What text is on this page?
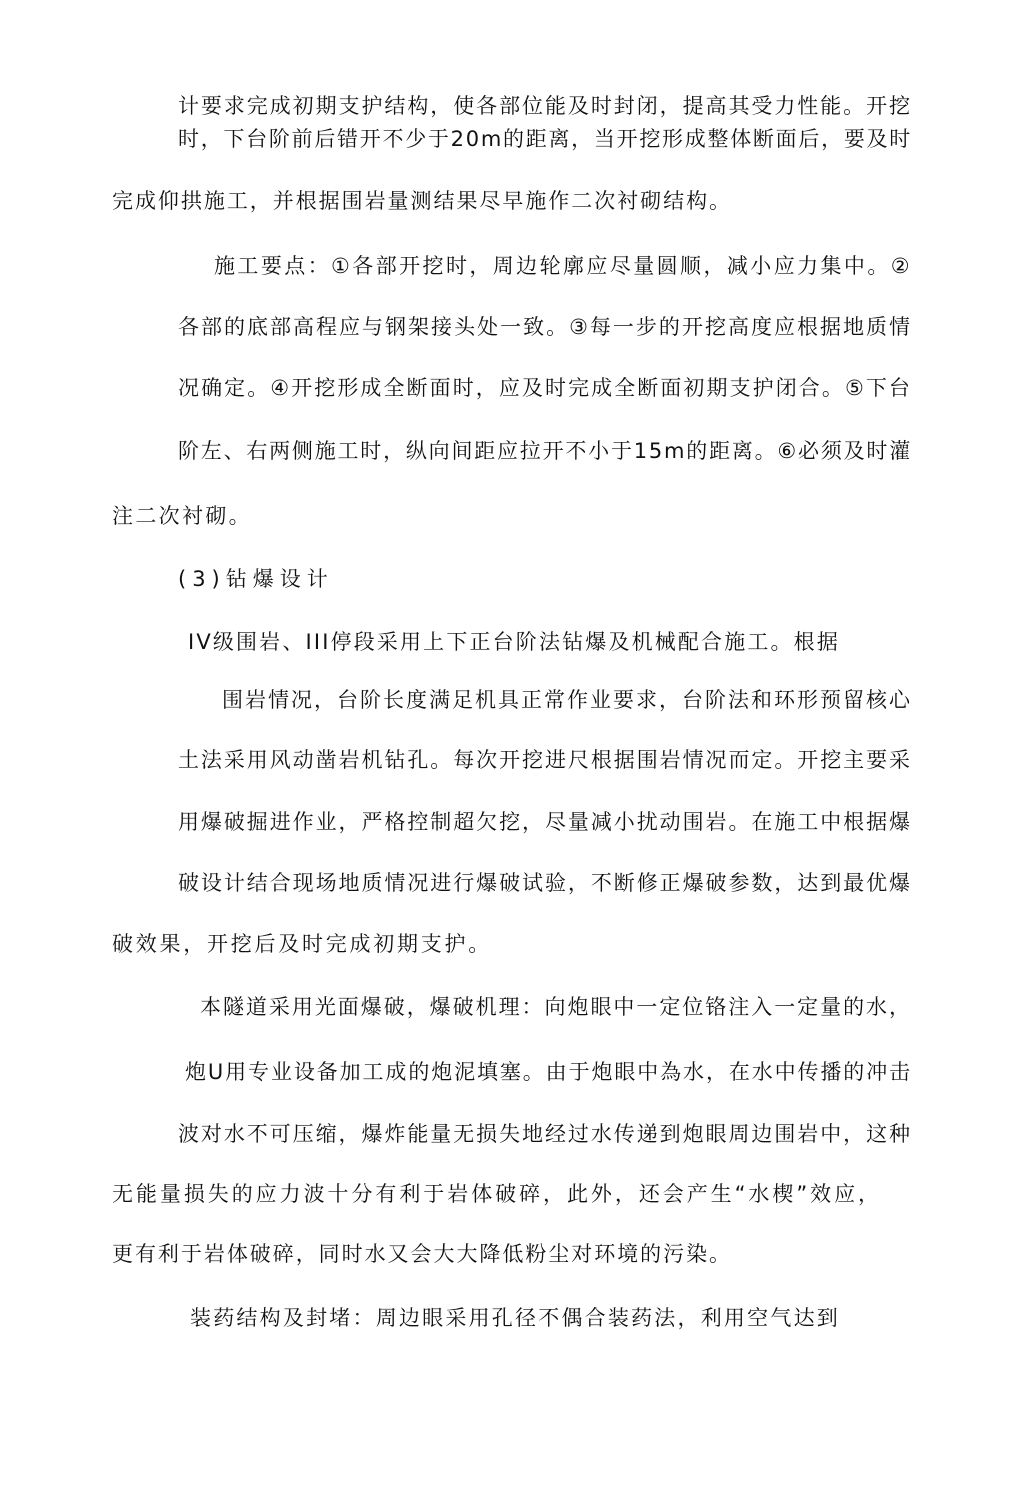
计要求完成初期支护结构，使各部位能及时封闭，提高其受力性能。开挖
时，下台阶前后错开不少于20m的距离，当开挖形成整体断面后，要及时
完成仰拱施工，并根据围岩量测结果尽早施作二次衬砌结构。
施工要点：①各部开挖时，周边轮廓应尽量圆顺，减小应力集中。②
各部的底部高程应与钢架接头处一致。③每一步的开挖高度应根据地质情
况确定。④开挖形成全断面时，应及时完成全断面初期支护闭合。⑤下台
阶左、右两侧施工时，纵向间距应拉开不小于15m的距离。⑥必须及时灌
注二次衬砌。
(3)钻爆设计
IV级围岩、III停段采用上下正台阶法钻爆及机械配合施工。根据
围岩情况，台阶长度满足机具正常作业要求，台阶法和环形预留核心
土法采用风动凿岩机钻孔。每次开挖进尺根据围岩情况而定。开挖主要采
用爆破掘进作业，严格控制超欠挖，尽量减小扰动围岩。在施工中根据爆
破设计结合现场地质情况进行爆破试验，不断修正爆破参数，达到最优爆
破效果，开挖后及时完成初期支护。
本隧道采用光面爆破，爆破机理：向炮眼中一定位铬注入一定量的水，
炮U用专业设备加工成的炮泥填塞。由于炮眼中為水，在水中传播的冲击
波对水不可压缩，爆炸能量无损失地经过水传递到炮眼周边围岩中，这种
无能量损失的应力波十分有利于岩体破碎，此外，还会产生“水楔”效应，
更有利于岩体破碎，同时水又会大大降低粉尘对环境的污染。
装药结构及封堵：周边眼采用孔径不偶合装药法，利用空气达到
